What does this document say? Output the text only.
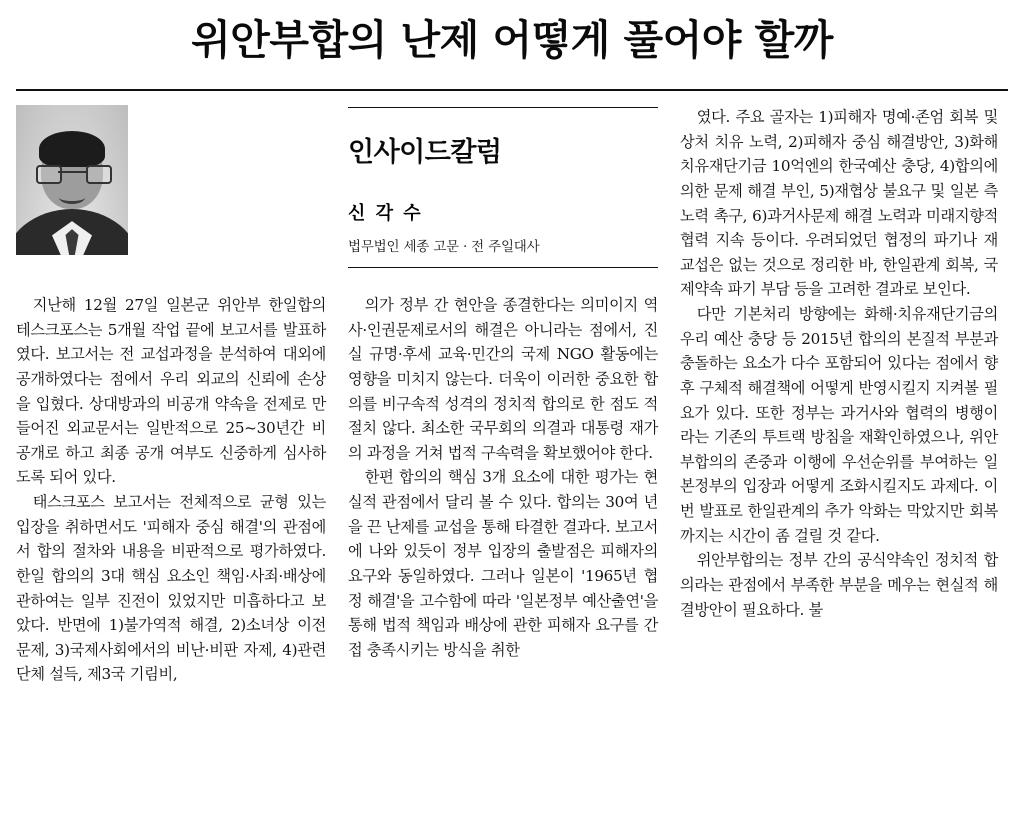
위안부합의 난제 어떻게 풀어야 할까

지난해 12월 27일 일본군 위안부 한일합의 테스크포스는 5개월 작업 끝에 보고서를 발표하였다. 보고서는 전 교섭과정을 분석하여 대외에 공개하였다는 점에서 우리 외교의 신뢰에 손상을 입혔다. 상대방과의 비공개 약속을 전제로 만들어진 외교문서는 일반적으로 25~30년간 비공개로 하고 최종 공개 여부도 신중하게 심사하도록 되어 있다.

태스크포스 보고서는 전체적으로 균형 있는 입장을 취하면서도 '피해자 중심 해결'의 관점에서 합의 절차와 내용을 비판적으로 평가하였다. 한일 합의의 3대 핵심 요소인 책임·사죄·배상에 관하여는 일부 진전이 있었지만 미흡하다고 보았다. 반면에 1)불가역적 해결, 2)소녀상 이전 문제, 3)국제사회에서의 비난·비판 자제, 4)관련 단체 설득, 제3국 기림비,

인사이드칼럼
신 각 수
법무법인 세종 고문 · 전 주일대사

의가 정부 간 현안을 종결한다는 의미이지 역사·인권문제로서의 해결은 아니라는 점에서, 진실 규명·후세 교육·민간의 국제 NGO 활동에는 영향을 미치지 않는다. 더욱이 이러한 중요한 합의를 비구속적 성격의 정치적 합의로 한 점도 적절치 않다. 최소한 국무회의 의결과 대통령 재가의 과정을 거쳐 법적 구속력을 확보했어야 한다.

한편 합의의 핵심 3개 요소에 대한 평가는 현실적 관점에서 달리 볼 수 있다. 합의는 30여 년을 끈 난제를 교섭을 통해 타결한 결과다. 보고서에 나와 있듯이 정부 입장의 출발점은 피해자의 요구와 동일하였다. 그러나 일본이 '1965년 협정 해결'을 고수함에 따라 '일본정부 예산출연'을 통해 법적 책임과 배상에 관한 피해자 요구를 간접 충족시키는 방식을 취한

였다. 주요 골자는 1)피해자 명예·존엄 회복 및 상처 치유 노력, 2)피해자 중심 해결방안, 3)화해치유재단기금 10억엔의 한국예산 충당, 4)합의에 의한 문제 해결 부인, 5)재협상 불요구 및 일본 측 노력 촉구, 6)과거사문제 해결 노력과 미래지향적 협력 지속 등이다. 우려되었던 협정의 파기나 재교섭은 없는 것으로 정리한 바, 한일관계 회복, 국제약속 파기 부담 등을 고려한 결과로 보인다.

다만 기본처리 방향에는 화해·치유재단기금의 우리 예산 충당 등 2015년 합의의 본질적 부분과 충돌하는 요소가 다수 포함되어 있다는 점에서 향후 구체적 해결책에 어떻게 반영시킬지 지켜볼 필요가 있다. 또한 정부는 과거사와 협력의 병행이라는 기존의 투트랙 방침을 재확인하였으나, 위안부합의의 존중과 이행에 우선순위를 부여하는 일본정부의 입장과 어떻게 조화시킬지도 과제다. 이번 발표로 한일관계의 추가 악화는 막았지만 회복까지는 시간이 좀 걸릴 것 같다.

위안부합의는 정부 간의 공식약속인 정치적 합의라는 관점에서 부족한 부분을 메우는 현실적 해결방안이 필요하다. 불
